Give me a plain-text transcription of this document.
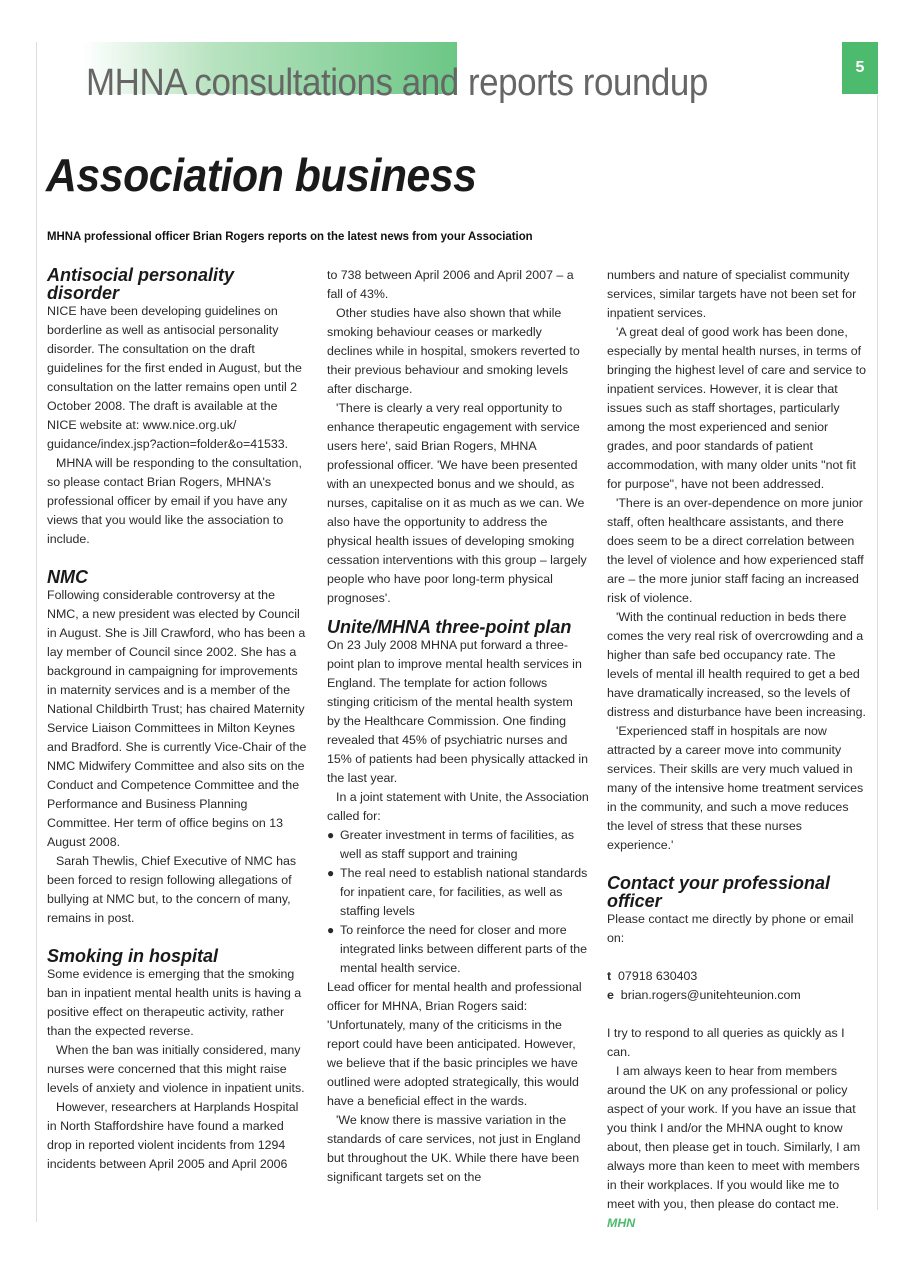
5
MHNA consultations and reports roundup
Association business
MHNA professional officer Brian Rogers reports on the latest news from your Association
Antisocial personality disorder

NICE have been developing guidelines on borderline as well as antisocial personality disorder. The consultation on the draft guidelines for the first ended in August, but the consultation on the latter remains open until 2 October 2008. The draft is available at the NICE website at: www.nice.org.uk/ guidance/index.jsp?action=folder&o=41533.

MHNA will be responding to the consultation, so please contact Brian Rogers, MHNA's professional officer by email if you have any views that you would like the association to include.

NMC

Following considerable controversy at the NMC, a new president was elected by Council in August. She is Jill Crawford, who has been a lay member of Council since 2002. She has a background in campaigning for improvements in maternity services and is a member of the National Childbirth Trust; has chaired Maternity Service Liaison Committees in Milton Keynes and Bradford. She is currently Vice-Chair of the NMC Midwifery Committee and also sits on the Conduct and Competence Committee and the Performance and Business Planning Committee. Her term of office begins on 13 August 2008.

Sarah Thewlis, Chief Executive of NMC has been forced to resign following allegations of bullying at NMC but, to the concern of many, remains in post.

Smoking in hospital

Some evidence is emerging that the smoking ban in inpatient mental health units is having a positive effect on therapeutic activity, rather than the expected reverse.

When the ban was initially considered, many nurses were concerned that this might raise levels of anxiety and violence in inpatient units.

However, researchers at Harplands Hospital in North Staffordshire have found a marked drop in reported violent incidents from 1294 incidents between April 2005 and April 2006

to 738 between April 2006 and April 2007 – a fall of 43%.

Other studies have also shown that while smoking behaviour ceases or markedly declines while in hospital, smokers reverted to their previous behaviour and smoking levels after discharge.

'There is clearly a very real opportunity to enhance therapeutic engagement with service users here', said Brian Rogers, MHNA professional officer. 'We have been presented with an unexpected bonus and we should, as nurses, capitalise on it as much as we can. We also have the opportunity to address the physical health issues of developing smoking cessation interventions with this group – largely people who have poor long-term physical prognoses'.

Unite/MHNA three-point plan

On 23 July 2008 MHNA put forward a three-point plan to improve mental health services in England. The template for action follows stinging criticism of the mental health system by the Healthcare Commission. One finding revealed that 45% of psychiatric nurses and 15% of patients had been physically attacked in the last year.

In a joint statement with Unite, the Association called for:

● Greater investment in terms of facilities, as well as staff support and training
● The real need to establish national standards for inpatient care, for facilities, as well as staffing levels
● To reinforce the need for closer and more integrated links between different parts of the mental health service.

Lead officer for mental health and professional officer for MHNA, Brian Rogers said: 'Unfortunately, many of the criticisms in the report could have been anticipated. However, we believe that if the basic principles we have outlined were adopted strategically, this would have a beneficial effect in the wards.

'We know there is massive variation in the standards of care services, not just in England but throughout the UK. While there have been significant targets set on the

numbers and nature of specialist community services, similar targets have not been set for inpatient services.

'A great deal of good work has been done, especially by mental health nurses, in terms of bringing the highest level of care and service to inpatient services. However, it is clear that issues such as staff shortages, particularly among the most experienced and senior grades, and poor standards of patient accommodation, with many older units "not fit for purpose", have not been addressed.

'There is an over-dependence on more junior staff, often healthcare assistants, and there does seem to be a direct correlation between the level of violence and how experienced staff are – the more junior staff facing an increased risk of violence.

'With the continual reduction in beds there comes the very real risk of overcrowding and a higher than safe bed occupancy rate. The levels of mental ill health required to get a bed have dramatically increased, so the levels of distress and disturbance have been increasing.

'Experienced staff in hospitals are now attracted by a career move into community services. Their skills are very much valued in many of the intensive home treatment services in the community, and such a move reduces the level of stress that these nurses experience.'

Contact your professional officer

Please contact me directly by phone or email on:

t 07918 630403

e brian.rogers@unitehteunion.com

I try to respond to all queries as quickly as I can.

I am always keen to hear from members around the UK on any professional or policy aspect of your work. If you have an issue that you think I and/or the MHNA ought to know about, then please get in touch. Similarly, I am always more than keen to meet with members in their workplaces. If you would like me to meet with you, then please do contact me. MHN
